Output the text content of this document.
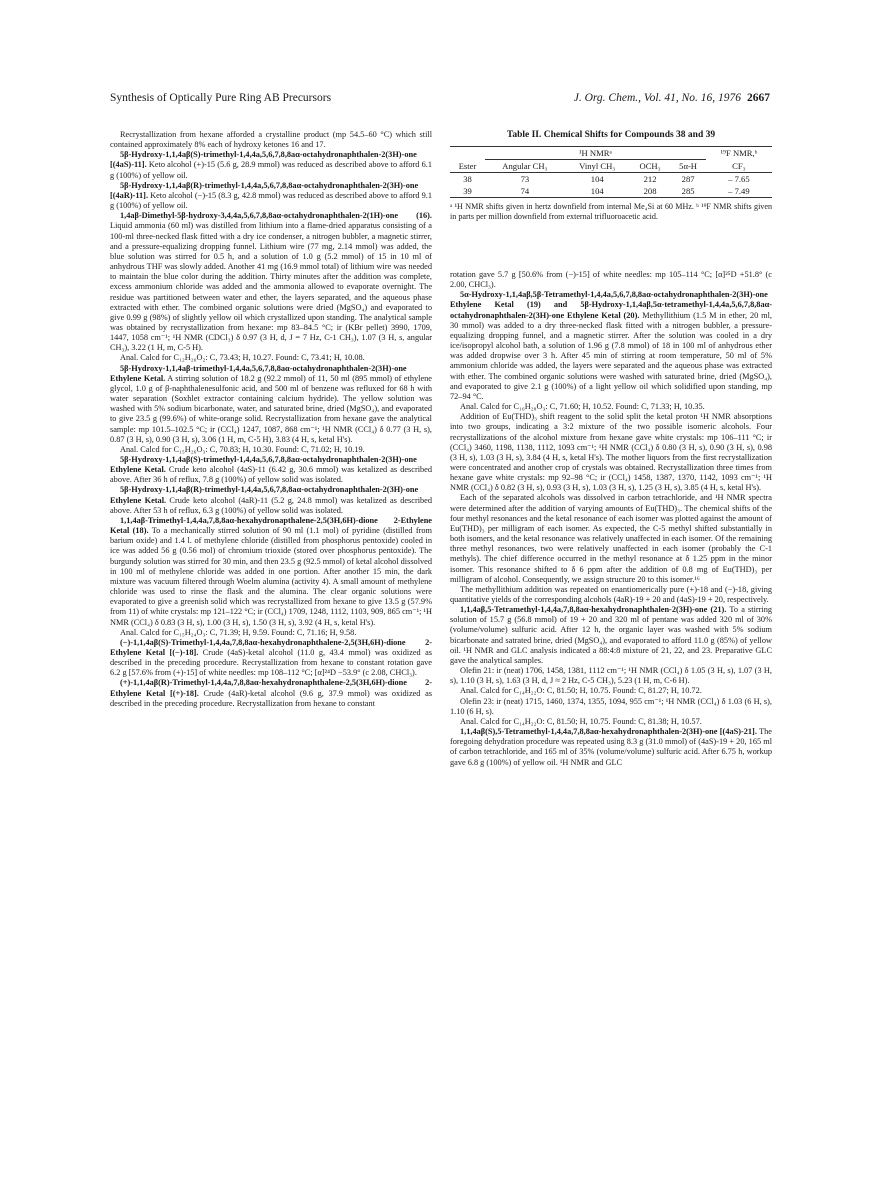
Synthesis of Optically Pure Ring AB Precursors	J. Org. Chem., Vol. 41, No. 16, 1976 2667

Recrystallization from hexane afforded a crystalline product (mp 54.5–60 °C) which still contained approximately 8% each of hydroxy ketones 16 and 17.

5β-Hydroxy-1,1,4aβ(S)-trimethyl-1,4,4a,5,6,7,8,8aα-octahydronaphthalen-2(3H)-one [(4aS)-11]. Keto alcohol (+)-15 (5.6 g, 28.9 mmol) was reduced as described above to afford 6.1 g (100%) of yellow oil.

5β-Hydroxy-1,1,4aβ(R)-trimethyl-1,4,4a,5,6,7,8,8aα-octahydronaphthalen-2(3H)-one [(4aR)-11]. Keto alcohol (−)-15 (8.3 g, 42.8 mmol) was reduced as described above to afford 9.1 g (100%) of yellow oil.

1,4aβ-Dimethyl-5β-hydroxy-3,4,4a,5,6,7,8,8aα-octahydronaphthalen-2(1H)-one (16). Liquid ammonia (60 ml) was distilled from lithium into a flame-dried apparatus consisting of a 100-ml three-necked flask fitted with a dry ice condenser, a nitrogen bubbler, a magnetic stirrer, and a pressure-equalizing dropping funnel. Lithium wire (77 mg, 2.14 mmol) was added, the blue solution was stirred for 0.5 h, and a solution of 1.0 g (5.2 mmol) of 15 in 10 ml of anhydrous THF was slowly added. Another 41 mg (16.9 mmol total) of lithium wire was needed to maintain the blue color during the addition. Thirty minutes after the addition was complete, excess ammonium chloride was added and the ammonia allowed to evaporate overnight. The residue was partitioned between water and ether, the layers separated, and the aqueous phase extracted with ether. The combined organic solutions were dried (MgSO₄) and evaporated to give 0.99 g (98%) of slightly yellow oil which crystallized upon standing. The analytical sample was obtained by recrystallization from hexane: mp 83–84.5 °C; ir (KBr pellet) 3990, 1709, 1447, 1058 cm⁻¹; ¹H NMR (CDCl₃) δ 0.97 (3 H, d, J = 7 Hz, C-1 CH₃), 1.07 (3 H, s, angular CH₃), 3.22 (1 H, m, C-5 H).

Anal. Calcd for C₁₂H₂₀O₂: C, 73.43; H, 10.27. Found: C, 73.41; H, 10.08.

5β-Hydroxy-1,1,4aβ-trimethyl-1,4,4a,5,6,7,8,8aα-octahydronaphthalen-2(3H)-one Ethylene Ketal. A stirring solution of 18.2 g (92.2 mmol) of 11, 50 ml (895 mmol) of ethylene glycol, 1.0 g of β-naphthalenesulfonic acid, and 500 ml of benzene was refluxed for 68 h with water separation (Soxhlet extractor containing calcium hydride). The yellow solution was washed with 5% sodium bicarbonate, water, and saturated brine, dried (MgSO₄), and evaporated to give 23.5 g (99.6%) of white-orange solid. Recrystallization from hexane gave the analytical sample: mp 101.5–102.5 °C; ir (CCl₄) 1247, 1087, 868 cm⁻¹; ¹H NMR (CCl₄) δ 0.77 (3 H, s), 0.87 (3 H, s), 0.90 (3 H, s), 3.06 (1 H, m, C-5 H), 3.83 (4 H, s, ketal H's).

Anal. Calcd for C₁₅H₂₆O₃: C, 70.83; H, 10.30. Found: C, 71.02; H, 10.19.

5β-Hydroxy-1,1,4aβ(S)-trimethyl-1,4,4a,5,6,7,8,8aα-octahydronaphthalen-2(3H)-one Ethylene Ketal. Crude keto alcohol (4aS)-11 (6.42 g, 30.6 mmol) was ketalized as described above. After 36 h of reflux, 7.8 g (100%) of yellow solid was isolated.

5β-Hydroxy-1,1,4aβ(R)-trimethyl-1,4,4a,5,6,7,8,8aα-octahydronaphthalen-2(3H)-one Ethylene Ketal. Crude keto alcohol (4aR)-11 (5.2 g, 24.8 mmol) was ketalized as described above. After 53 h of reflux, 6.3 g (100%) of yellow solid was isolated.

1,1,4aβ-Trimethyl-1,4,4a,7,8,8aα-hexahydronapthalene-2,5(3H,6H)-dione 2-Ethylene Ketal (18). To a mechanically stirred solution of 90 ml (1.1 mol) of pyridine (distilled from barium oxide) and 1.4 l. of methylene chloride (distilled from phosphorus pentoxide) cooled in ice was added 56 g (0.56 mol) of chromium trioxide (stored over phosphorus pentoxide). The burgundy solution was stirred for 30 min, and then 23.5 g (92.5 mmol) of ketal alcohol dissolved in 100 ml of methylene chloride was added in one portion. After another 15 min, the dark mixture was vacuum filtered through Woelm alumina (activity 4). A small amount of methylene chloride was used to rinse the flask and the alumina. The clear organic solutions were evaporated to give a greenish solid which was recrystallized from hexane to give 13.5 g (57.9% from 11) of white crystals: mp 121–122 °C; ir (CCl₄) 1709, 1248, 1112, 1103, 909, 865 cm⁻¹; ¹H NMR (CCl₄) δ 0.83 (3 H, s), 1.00 (3 H, s), 1.50 (3 H, s), 3.92 (4 H, s, ketal H's).

Anal. Calcd for C₁₅H₂₄O₃: C, 71.39; H, 9.59. Found: C, 71.16; H, 9.58.

(−)-1,1,4aβ(S)-Trimethyl-1,4,4a,7,8,8aα-hexahydronaphthalene-2,5(3H,6H)-dione 2-Ethylene Ketal [(−)-18]. Crude (4aS)-ketal alcohol (11.0 g, 43.4 mmol) was oxidized as described in the preceding procedure. Recrystallization from hexane to constant rotation gave 6.2 g [57.6% from (+)-15] of white needles: mp 108–112 °C; [α]²⁴D −53.9° (c 2.08, CHCl₃).

(+)-1,1,4aβ(R)-Trimethyl-1,4,4a,7,8,8aα-hexahydronaphthalene-2,5(3H,6H)-dione 2-Ethylene Ketal [(+)-18]. Crude (4aR)-ketal alcohol (9.6 g, 37.9 mmol) was oxidized as described in the preceding procedure. Recrystallization from hexane to constant

Table II. Chemical Shifts for Compounds 38 and 39
	¹H NMRᵃ				¹⁹F NMR,ᵇ
Ester	Angular CH₃	Vinyl CH₃	OCH₃	5α-H	CF₃
38	73	104	212	287	– 7.65
39	74	104	208	285	– 7.49
ᵃ ¹H NMR shifts given in hertz downfield from internal Me₄Si at 60 MHz. ᵇ ¹⁹F NMR shifts given in parts per million downfield from external trifluoroacetic acid.

rotation gave 5.7 g [50.6% from (−)-15] of white needles: mp 105–114 °C; [α]²⁵D +51.8° (c 2.00, CHCl₃).

5α-Hydroxy-1,1,4aβ,5β-Tetramethyl-1,4,4a,5,6,7,8,8aα-octahydronaphthalen-2(3H)-one Ethylene Ketal (19) and 5β-Hydroxy-1,1,4aβ,5α-tetramethyl-1,4,4a,5,6,7,8,8aα-octahydronaphthalen-2(3H)-one Ethylene Ketal (20). Methyllithium (1.5 M in ether, 20 ml, 30 mmol) was added to a dry three-necked flask fitted with a nitrogen bubbler, a pressure-equalizing dropping funnel, and a magnetic stirrer. After the solution was cooled in a dry ice/isopropyl alcohol bath, a solution of 1.96 g (7.8 mmol) of 18 in 100 ml of anhydrous ether was added dropwise over 3 h. After 45 min of stirring at room temperature, 50 ml of 5% ammonium chloride was added, the layers were separated and the aqueous phase was extracted with ether. The combined organic solutions were washed with saturated brine, dried (MgSO₄), and evaporated to give 2.1 g (100%) of a light yellow oil which solidified upon standing, mp 72–94 °C.

Anal. Calcd for C₁₆H₂₈O₃: C, 71.60; H, 10.52. Found: C, 71.33; H, 10.35.

Addition of Eu(THD)₃ shift reagent to the solid split the ketal proton ¹H NMR absorptions into two groups, indicating a 3:2 mixture of the two possible isomeric alcohols. Four recrystallizations of the alcohol mixture from hexane gave white crystals: mp 106–111 °C; ir (CCl₄) 3460, 1198, 1138, 1112, 1093 cm⁻¹; ¹H NMR (CCl₄) δ 0.80 (3 H, s), 0.90 (3 H, s), 0.98 (3 H, s), 1.03 (3 H, s), 3.84 (4 H, s, ketal H's). The mother liquors from the first recrystallization were concentrated and another crop of crystals was obtained. Recrystallization three times from hexane gave white crystals: mp 92–98 °C; ir (CCl₄) 1458, 1387, 1370, 1142, 1093 cm⁻¹; ¹H NMR (CCl₄) δ 0.82 (3 H, s), 0.93 (3 H, s), 1.03 (3 H, s), 1.25 (3 H, s), 3.85 (4 H, s, ketal H's).

Each of the separated alcohols was dissolved in carbon tetrachloride, and ¹H NMR spectra were determined after the addition of varying amounts of Eu(THD)₃. The chemical shifts of the four methyl resonances and the ketal resonance of each isomer was plotted against the amount of Eu(THD)₃ per milligram of each isomer. As expected, the C-5 methyl shifted substantially in both isomers, and the ketal resonance was relatively unaffected in each isomer. Of the remaining three methyl resonances, two were relatively unaffected in each isomer (probably the C-1 methyls). The chief difference occurred in the methyl resonance at δ 1.25 ppm in the minor isomer. This resonance shifted to δ 6 ppm after the addition of 0.8 mg of Eu(THD)₃ per milligram of alcohol. Consequently, we assign structure 20 to this isomer.¹⁶

The methyllithium addition was repeated on enantiomerically pure (+)-18 and (−)-18, giving quantitative yields of the corresponding alcohols (4aR)-19 + 20 and (4aS)-19 + 20, respectively.

1,1,4aβ,5-Tetramethyl-1,4,4a,7,8,8aα-hexahydronaphthalen-2(3H)-one (21). To a stirring solution of 15.7 g (56.8 mmol) of 19 + 20 and 320 ml of pentane was added 320 ml of 30% (volume/volume) sulfuric acid. After 12 h, the organic layer was washed with 5% sodium bicarbonate and satrated brine, dried (MgSO₄), and evaporated to afford 11.0 g (85%) of yellow oil. ¹H NMR and GLC analysis indicated a 88:4:8 mixture of 21, 22, and 23. Preparative GLC gave the analytical samples.

Olefin 21: ir (neat) 1706, 1458, 1381, 1112 cm⁻¹; ¹H NMR (CCl₄) δ 1.05 (3 H, s), 1.07 (3 H, s), 1.10 (3 H, s), 1.63 (3 H, d, J ≈ 2 Hz, C-5 CH₃), 5.23 (1 H, m, C-6 H).

Anal. Calcd for C₁₄H₂₂O: C, 81.50; H, 10.75. Found: C, 81.27; H, 10.72.

Olefin 23: ir (neat) 1715, 1460, 1374, 1355, 1094, 955 cm⁻¹; ¹H NMR (CCl₄) δ 1.03 (6 H, s), 1.10 (6 H, s).

Anal. Calcd for C₁₄H₂₂O: C, 81.50; H, 10.75. Found: C, 81.38; H, 10.57.

1,1,4aβ(S),5-Tetramethyl-1,4,4a,7,8,8aα-hexahydronaphthalen-2(3H)-one [(4aS)-21]. The foregoing dehydration procedure was repeated using 8.3 g (31.0 mmol) of (4aS)-19 + 20, 165 ml of carbon tetrachloride, and 165 ml of 35% (volume/volume) sulfuric acid. After 6.75 h, workup gave 6.8 g (100%) of yellow oil. ¹H NMR and GLC
